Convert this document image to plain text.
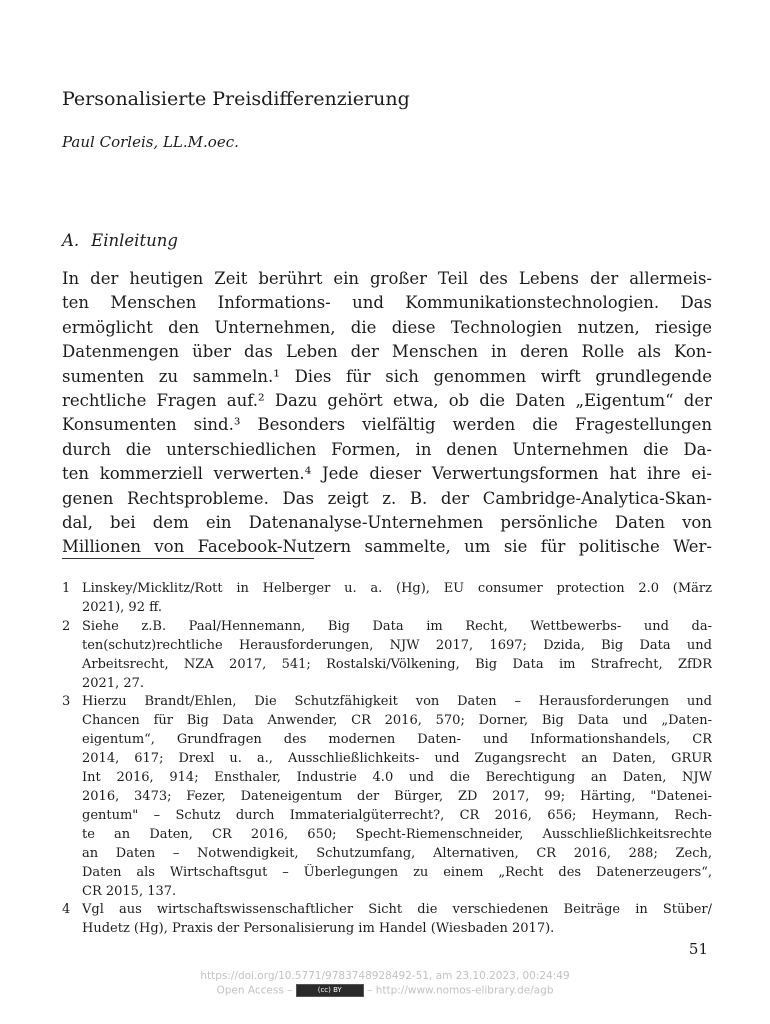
Personalisierte Preisdifferenzierung
Paul Corleis, LL.M.oec.
A. Einleitung
In der heutigen Zeit berührt ein großer Teil des Lebens der allermeis-
ten Menschen Informations- und Kommunikationstechnologien. Das
ermöglicht den Unternehmen, die diese Technologien nutzen, riesige
Datenmengen über das Leben der Menschen in deren Rolle als Kon-
sumenten zu sammeln.¹ Dies für sich genommen wirft grundlegende
rechtliche Fragen auf.² Dazu gehört etwa, ob die Daten „Eigentum“ der
Konsumenten sind.³ Besonders vielfältig werden die Fragestellungen
durch die unterschiedlichen Formen, in denen Unternehmen die Da-
ten kommerziell verwerten.⁴ Jede dieser Verwertungsformen hat ihre ei-
genen Rechtsprobleme. Das zeigt z. B. der Cambridge-Analytica-Skan-
dal, bei dem ein Datenanalyse-Unternehmen persönliche Daten von
Millionen von Facebook-Nutzern sammelte, um sie für politische Wer-
1 Linskey/Micklitz/Rott in Helberger u. a. (Hg), EU consumer protection 2.0 (März
2021), 92 ff.
2 Siehe z.B. Paal/Hennemann, Big Data im Recht, Wettbewerbs- und da-
ten(schutz)rechtliche Herausforderungen, NJW 2017, 1697; Dzida, Big Data und
Arbeitsrecht, NZA 2017, 541; Rostalski/Völkening, Big Data im Strafrecht, ZfDR
2021, 27.
3 Hierzu Brandt/Ehlen, Die Schutzfähigkeit von Daten – Herausforderungen und
Chancen für Big Data Anwender, CR 2016, 570; Dorner, Big Data und „Daten-
eigentum“, Grundfragen des modernen Daten- und Informationshandels, CR
2014, 617; Drexl u. a., Ausschließlichkeits- und Zugangsrecht an Daten, GRUR
Int 2016, 914; Ensthaler, Industrie 4.0 und die Berechtigung an Daten, NJW
2016, 3473; Fezer, Dateneigentum der Bürger, ZD 2017, 99; Härting, "Datenei-
gentum" – Schutz durch Immaterialgüterrecht?, CR 2016, 656; Heymann, Rech-
te an Daten, CR 2016, 650; Specht-Riemenschneider, Ausschließlichkeitsrechte
an Daten – Notwendigkeit, Schutzumfang, Alternativen, CR 2016, 288; Zech,
Daten als Wirtschaftsgut – Überlegungen zu einem „Recht des Datenerzeugers“,
CR 2015, 137.
4 Vgl aus wirtschaftswissenschaftlicher Sicht die verschiedenen Beiträge in Stüber/
Hudetz (Hg), Praxis der Personalisierung im Handel (Wiesbaden 2017).
51
https://doi.org/10.5771/9783748928492-51, am 23.10.2023, 00:24:49
Open Access –	(cc) BY – http://www.nomos-elibrary.de/agb
